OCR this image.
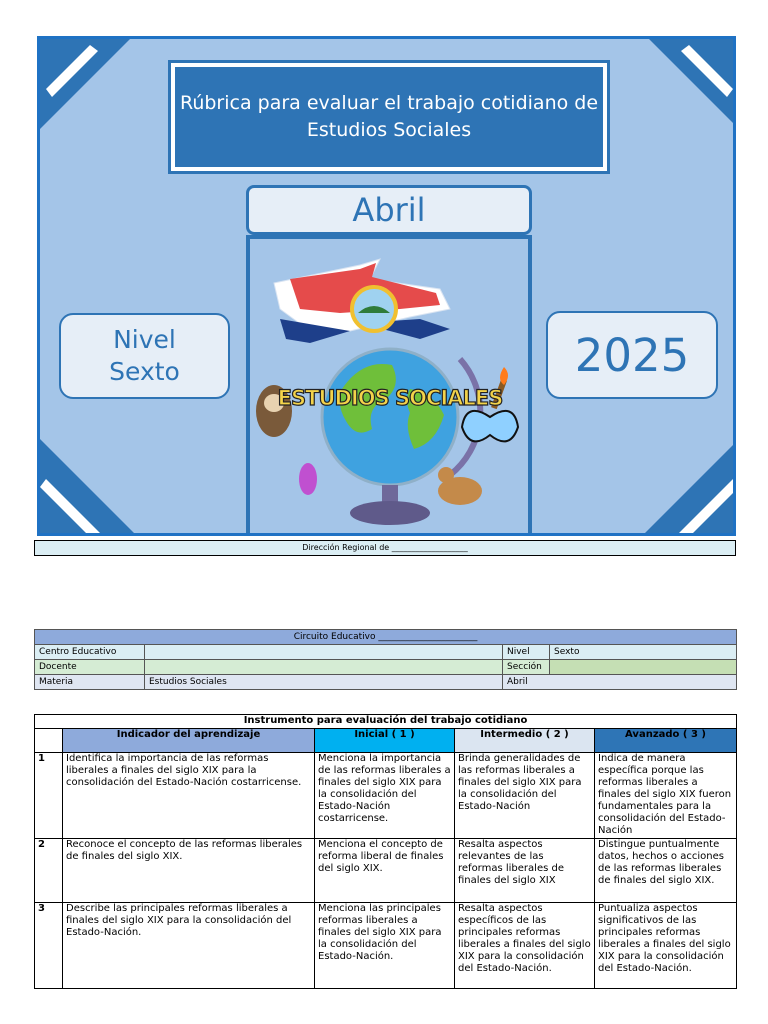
Rúbrica para evaluar el trabajo cotidiano de Estudios Sociales
Abril
ESTUDIOS SOCIALES
Nivel
Sexto	2025
Dirección Regional de ___________________
Circuito Educativo ______________________			
Centro Educativo		Nivel	Sexto
Docente		Sección	
Materia	Estudios Sociales	Abril	
Instrumento para evaluación del trabajo cotidiano				
	Indicador del aprendizaje	Inicial ( 1 )	Intermedio ( 2 )	Avanzado ( 3 )
1	Identifica la importancia de las reformas liberales a finales del siglo XIX para la consolidación del Estado-Nación costarricense.	Menciona la importancia de las reformas liberales a finales del siglo XIX para la consolidación del Estado-Nación costarricense.	Brinda generalidades de las reformas liberales a finales del siglo XIX para la consolidación del Estado-Nación	Indica de manera específica porque las reformas liberales a finales del siglo XIX fueron fundamentales para la consolidación del Estado-Nación
2	Reconoce el concepto de las reformas liberales de finales del siglo XIX.	Menciona el concepto de reforma liberal de finales del siglo XIX.	Resalta aspectos relevantes de las reformas liberales de finales del siglo XIX	Distingue puntualmente datos, hechos o acciones de las reformas liberales de finales del siglo XIX.
3	Describe las principales reformas liberales a finales del siglo XIX para la consolidación del Estado-Nación.	Menciona las principales reformas liberales a finales del siglo XIX para la consolidación del Estado-Nación.	Resalta aspectos específicos de las principales reformas liberales a finales del siglo XIX para la consolidación del Estado-Nación.	Puntualiza aspectos significativos de las principales reformas liberales a finales del siglo XIX para la consolidación del Estado-Nación.
